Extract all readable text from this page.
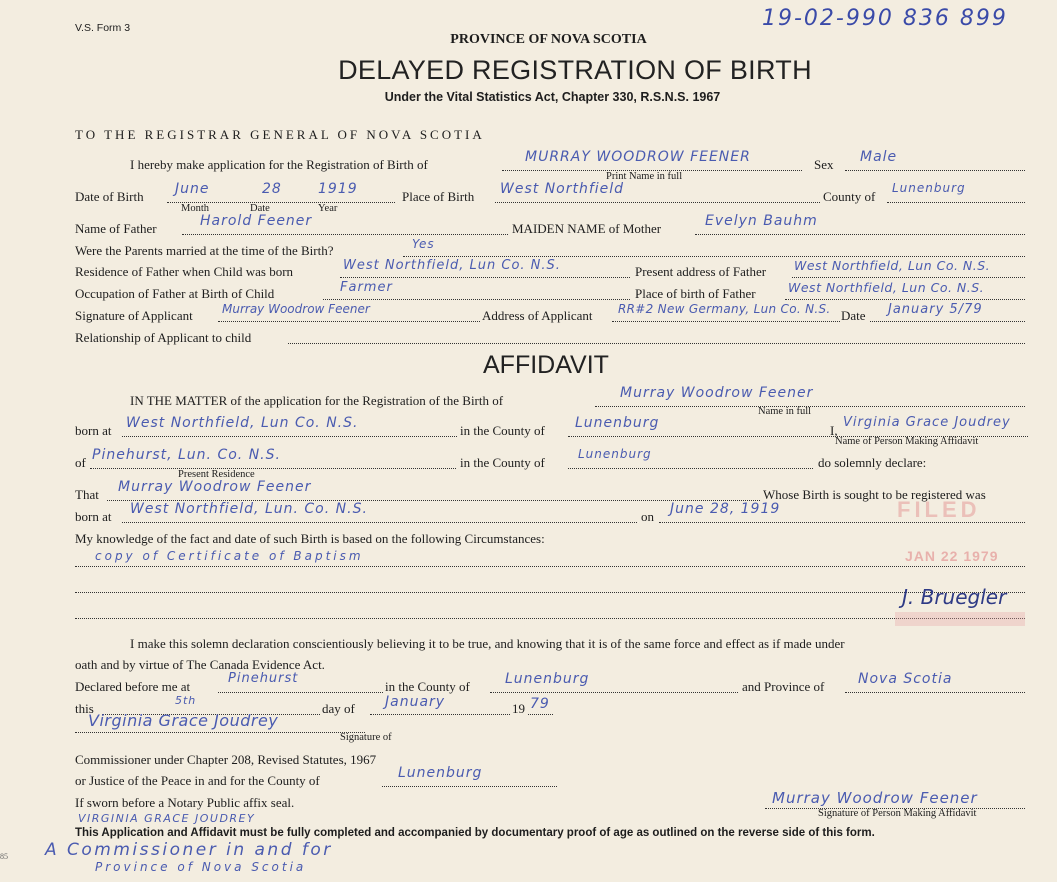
V.S. Form 3	19-02-990 836 899
PROVINCE OF NOVA SCOTIA
DELAYED REGISTRATION OF BIRTH
Under the Vital Statistics Act, Chapter 330, R.S.N.S. 1967
85
TO THE REGISTRAR GENERAL OF NOVA SCOTIA
I hereby make application for the Registration of Birth of	MURRAY WOODROW FEENER
Print Name in full
Sex Male
Date of Birth June	28	1919
Month	Date	Year
Place of Birth West Northfield	County of
Lunenburg
Name of Father	Harold Feener	MAIDEN NAME of Mother	Evelyn Bauhm
Were the Parents married at the time of the Birth?	Yes
Residence of Father when Child was born	West Northfield, Lun Co. N.S.	Present address of Father West Northfield, Lun Co. N.S.
Occupation of Father at Birth of Child	Farmer	Place of birth of Father	West Northfield, Lun Co. N.S.
Signature of Applicant Murray Woodrow Feener	Address of Applicant RR#2 New Germany, Lun Co. N.S. Date January 5/79
Relationship of Applicant to child
AFFIDAVIT
IN THE MATTER of the application for the Registration of the Birth of	Murray Woodrow Feener
Name in full
born at West Northfield, Lun Co. N.S.	in the County of Lunenburg	I,
Virginia Grace Joudrey
Name of Person Making Affidavit
of Pinehurst, Lun. Co. N.S.
Present Residence
in the County of
Lunenburg
do solemnly declare:
That Murray Woodrow Feener	Whose Birth is sought to be registered was
born at West Northfield, Lun. Co. N.S.	on June 28, 1919
My knowledge of the fact and date of such Birth is based on the following Circumstances:
copy of Certificate of Baptism
I make this solemn declaration conscientiously believing it to be true, and knowing that it is of the same force and effect as if made under
oath and by virtue of The Canada Evidence Act.
Declared before me at
Pinehurst
in the County of	Lunenburg	and Province of Nova Scotia
this
5th
day of January	19 79
Virginia Grace Joudrey
Signature of
Commissioner under Chapter 208, Revised Statutes, 1967
or Justice of the Peace in and for the County of	Lunenburg
If sworn before a Notary Public affix seal.	Murray Woodrow Feener
Signature of Person Making Affidavit
VIRGINIA GRACE JOUDREY
This Application and Affidavit must be fully completed and accompanied by documentary proof of age as outlined on the reverse side of this form.
A Commissioner in and for
Province of Nova Scotia
FILED
JAN 22 1979
J. Bruegler
